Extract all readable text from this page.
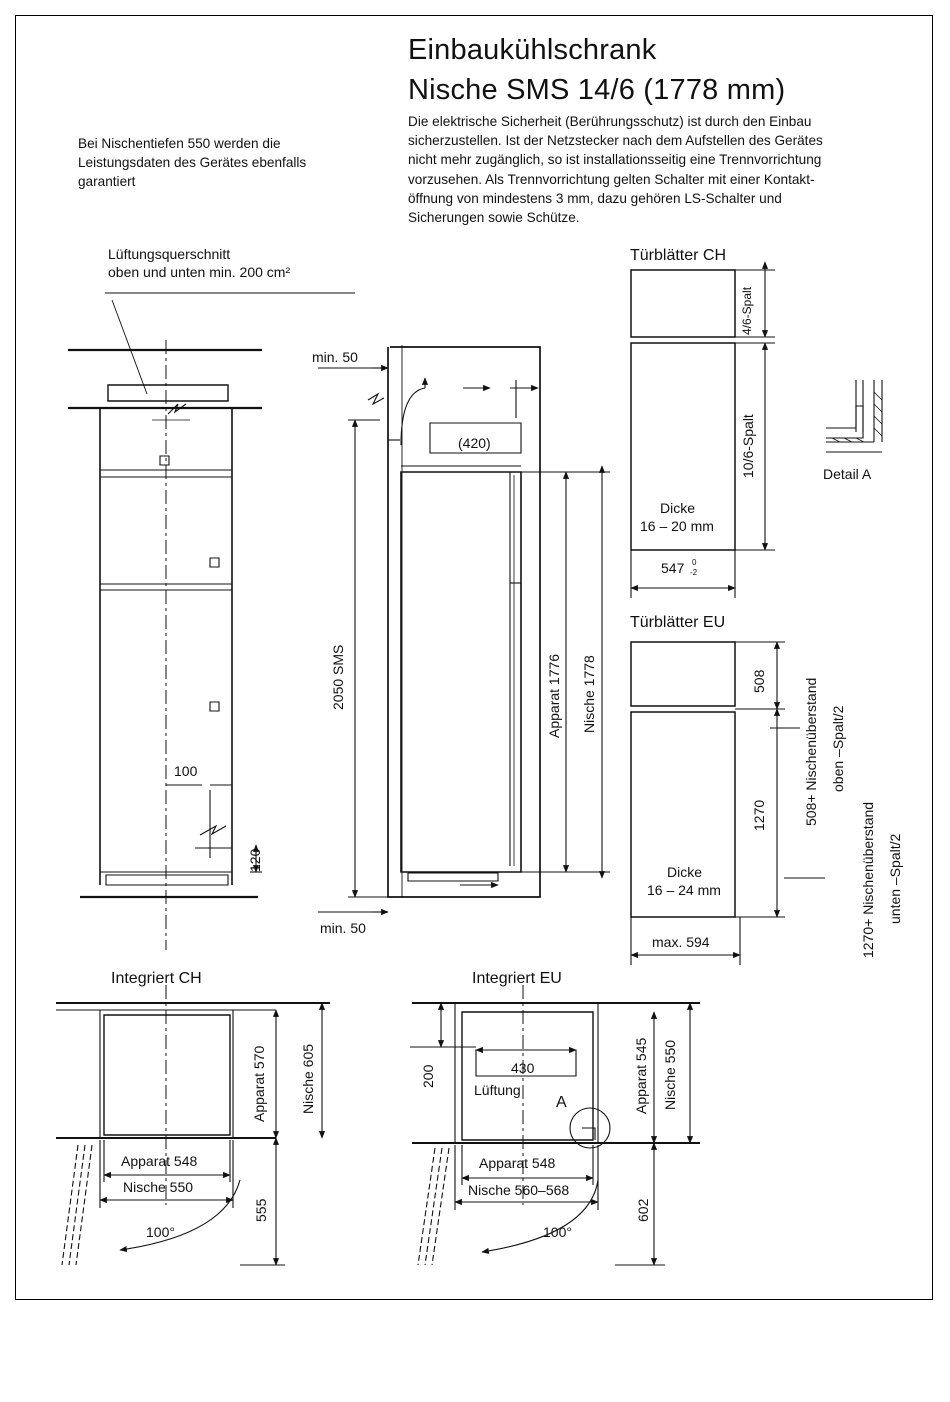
Einbaukühlschrank
Nische SMS 14/6 (1778 mm)
Die elektrische Sicherheit (Berührungsschutz) ist durch den Einbau
sicherzustellen. Ist der Netzstecker nach dem Aufstellen des Gerätes
nicht mehr zugänglich, so ist installationsseitig eine Trennvorrichtung
vorzusehen. Als Trennvorrichtung gelten Schalter mit einer Kontakt-
öffnung von mindestens 3 mm, dazu gehören LS-Schalter und
Sicherungen sowie Schütze.
Bei Nischentiefen 550 werden die
Leistungsdaten des Gerätes ebenfalls
garantiert
Lüftungsquerschnitt
oben und unten min. 200 cm²
100
120
min. 50
min. 50
(420)
2050 SMS	Apparat 1776 Nische 1778
Türblätter CH
4/6-Spalt
10/6-Spalt
Dicke
16 – 20 mm
547 0
-2
Detail A
Türblätter EU
508
1270
Dicke
16 – 24 mm
max. 594
508+ Nischenüberstand oben –Spalt/2
1270+ Nischenüberstand unten –Spalt/2
Integriert CH
Apparat 570 Nische 605
Apparat 548
Nische 550
100°
555
Integriert EU
430
200
Lüftung
A	Apparat 545 Nische 550
Apparat 548
Nische 560–568
100°
602
